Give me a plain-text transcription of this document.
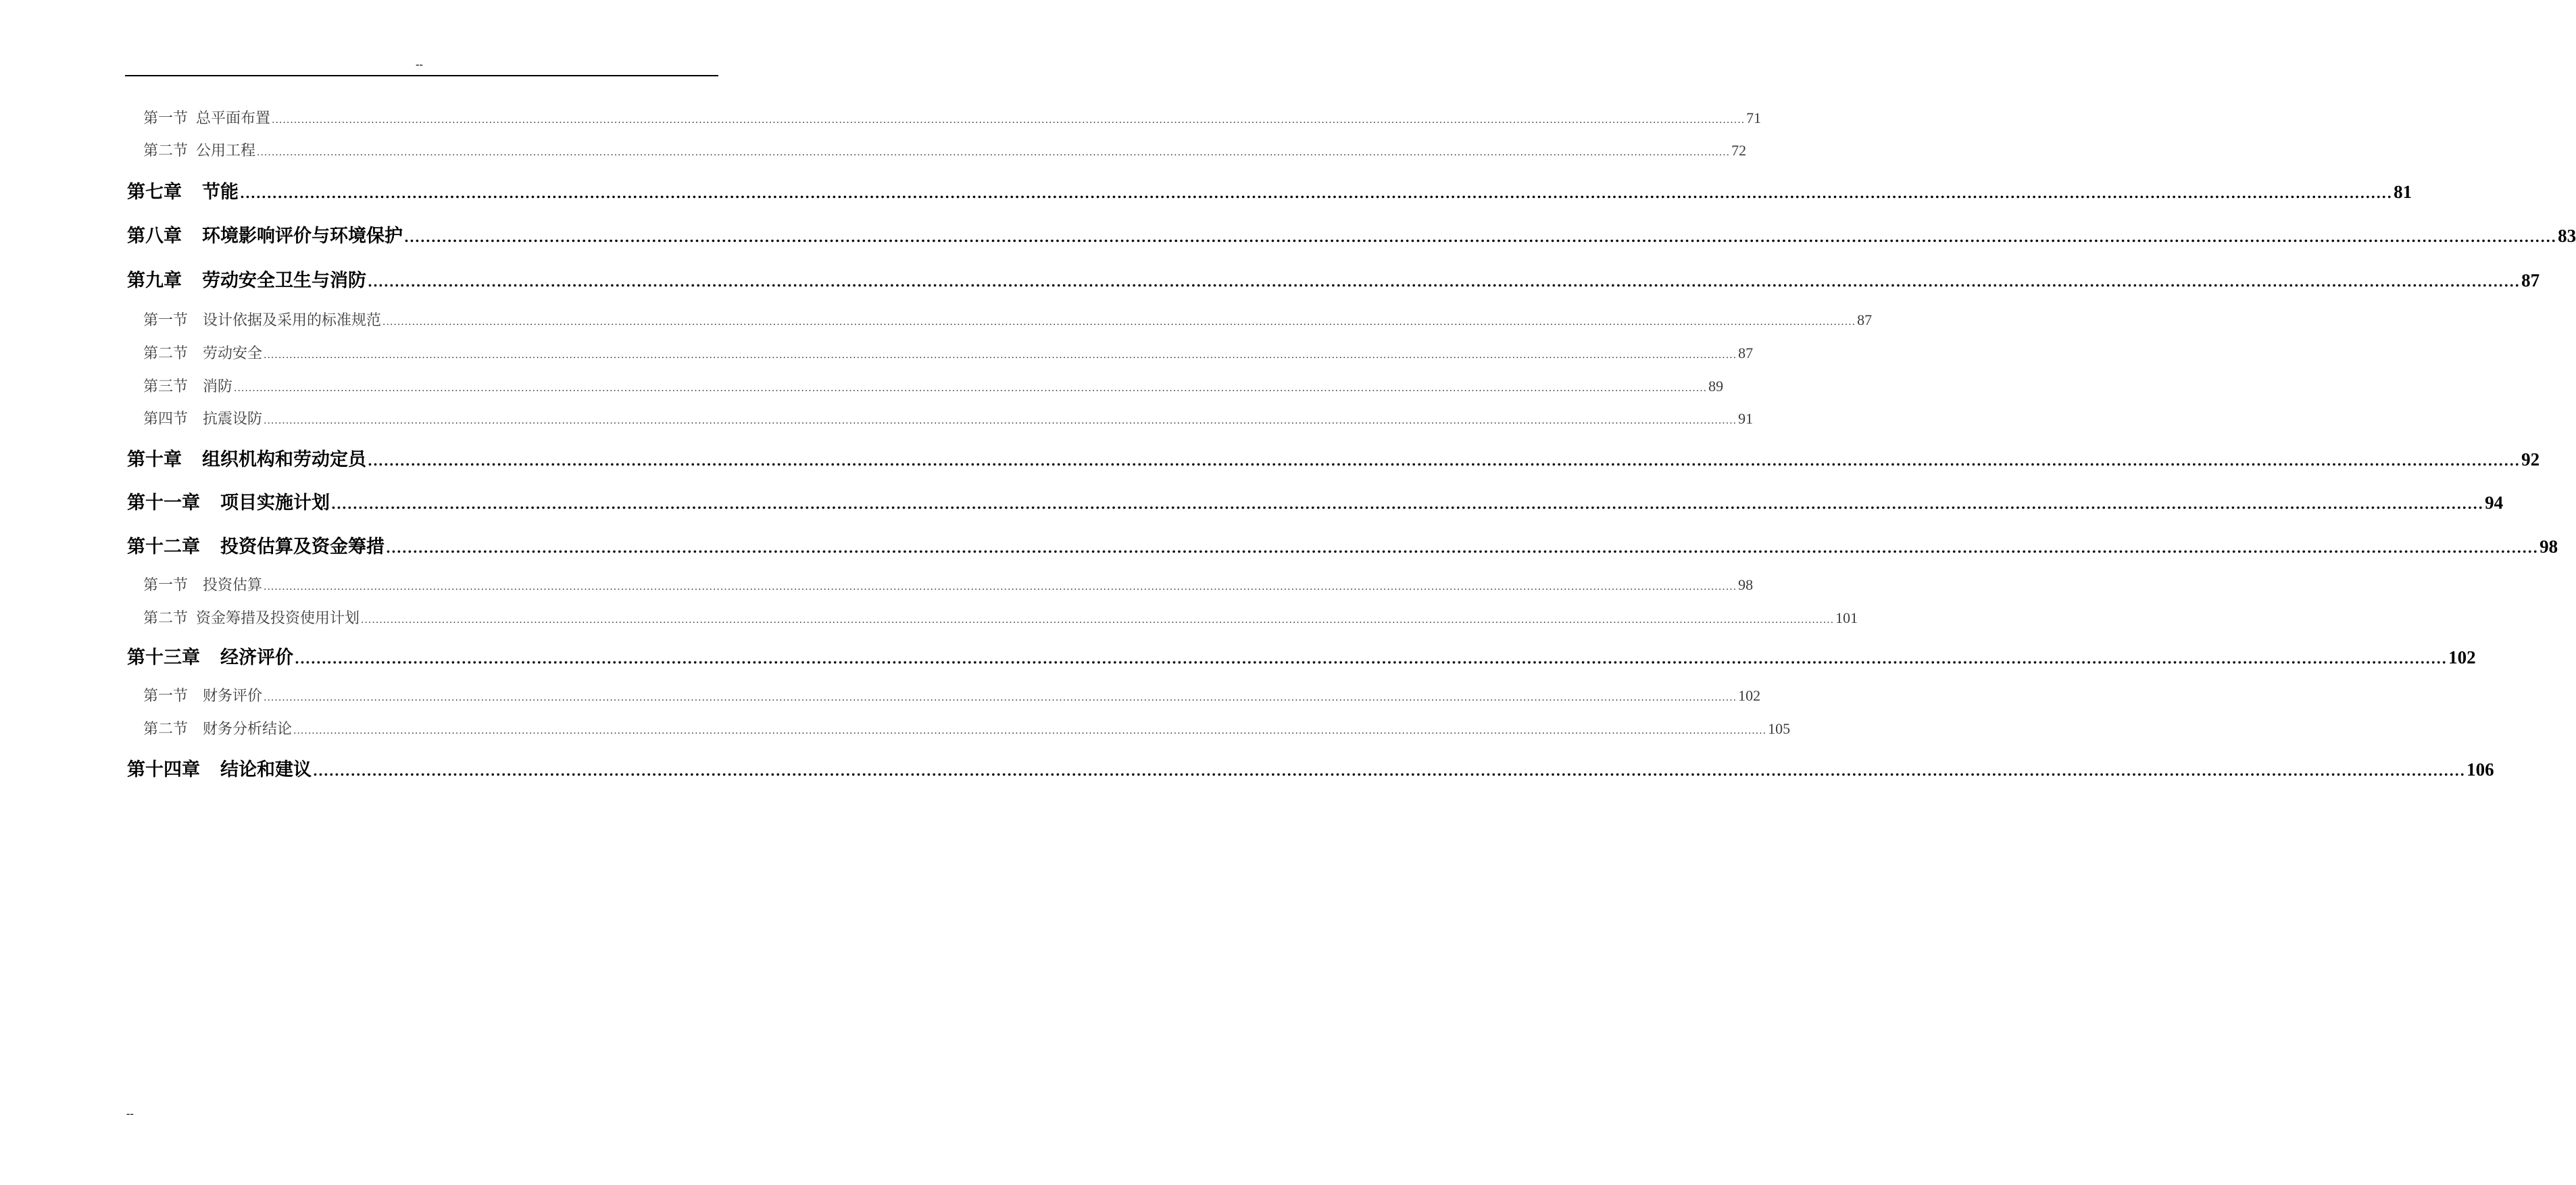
--
第一节 总平面布置 ................................................................................................................................................................................................................................................................................................................................................................................................................ 71
第二节 公用工程 ................................................................................................................................................................................................................................................................................................................................................................................................................ 72
第七章 节能 ................................................................................................................................................................................................................................................................................................................................................................................................................ 81
第八章 环境影响评价与环境保护 ................................................................................................................................................................................................................................................................................................................................................................................................................ 83
第九章 劳动安全卫生与消防 ................................................................................................................................................................................................................................................................................................................................................................................................................ 87
第一节 设计依据及采用的标准规范 ................................................................................................................................................................................................................................................................................................................................................................................................................ 87
第二节 劳动安全 ................................................................................................................................................................................................................................................................................................................................................................................................................ 87
第三节 消防 ................................................................................................................................................................................................................................................................................................................................................................................................................ 89
第四节 抗震设防 ................................................................................................................................................................................................................................................................................................................................................................................................................ 91
第十章 组织机构和劳动定员 ................................................................................................................................................................................................................................................................................................................................................................................................................ 92
第十一章 项目实施计划 ................................................................................................................................................................................................................................................................................................................................................................................................................ 94
第十二章 投资估算及资金筹措 ................................................................................................................................................................................................................................................................................................................................................................................................................ 98
第一节 投资估算 ................................................................................................................................................................................................................................................................................................................................................................................................................ 98
第二节 资金筹措及投资使用计划 ................................................................................................................................................................................................................................................................................................................................................................................................................ 101
第十三章 经济评价 ................................................................................................................................................................................................................................................................................................................................................................................................................ 102
第一节 财务评价 ................................................................................................................................................................................................................................................................................................................................................................................................................ 102
第二节 财务分析结论 ................................................................................................................................................................................................................................................................................................................................................................................................................ 105
第十四章 结论和建议 ................................................................................................................................................................................................................................................................................................................................................................................................................ 106
--
